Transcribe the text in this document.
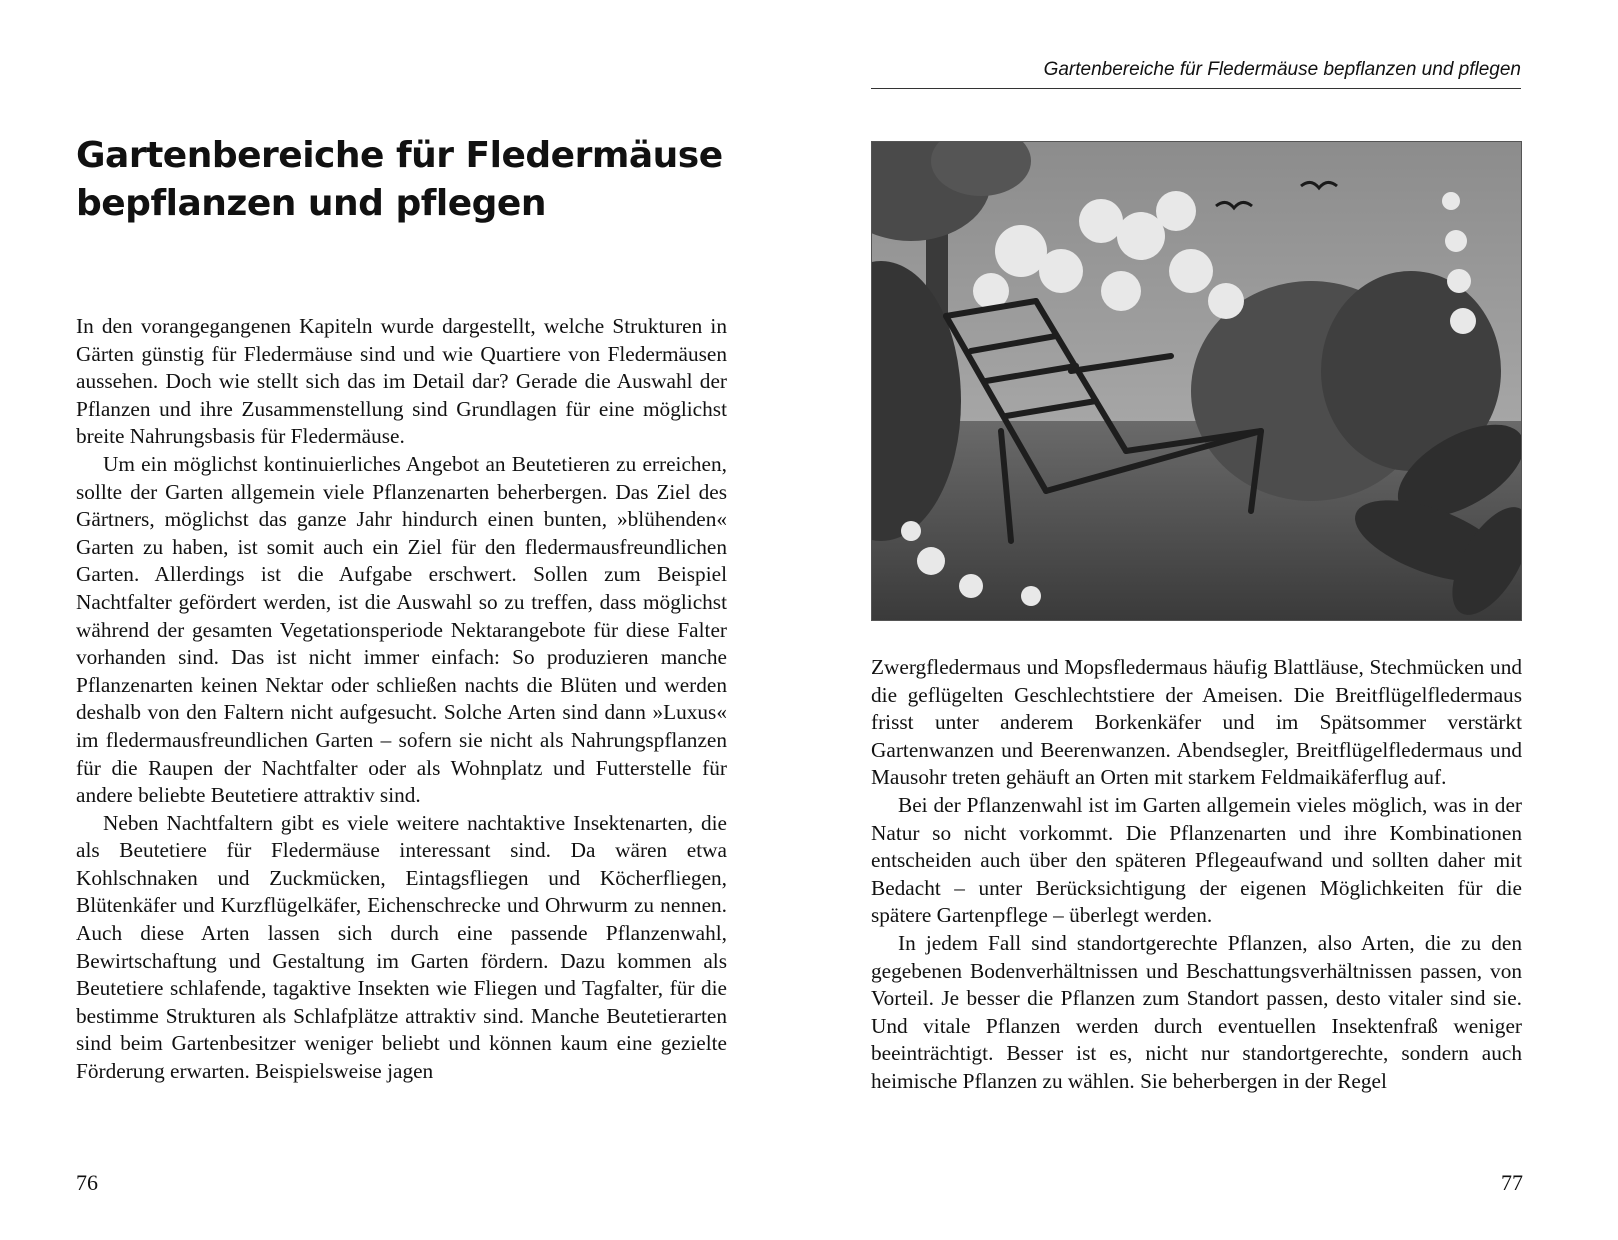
Gartenbereiche für Fledermäuse
bepflanzen und pflegen

In den vorangegangenen Kapiteln wurde dargestellt, welche Strukturen in Gärten günstig für Fledermäuse sind und wie Quartiere von Fledermäusen aussehen. Doch wie stellt sich das im Detail dar? Gerade die Auswahl der Pflanzen und ihre Zusammenstellung sind Grundlagen für eine möglichst breite Nahrungsbasis für Fledermäuse.

Um ein möglichst kontinuierliches Angebot an Beutetieren zu erreichen, sollte der Garten allgemein viele Pflanzenarten beherbergen. Das Ziel des Gärtners, möglichst das ganze Jahr hindurch einen bunten, »blühenden« Garten zu haben, ist somit auch ein Ziel für den fledermausfreundlichen Garten. Allerdings ist die Aufgabe erschwert. Sollen zum Beispiel Nachtfalter gefördert werden, ist die Auswahl so zu treffen, dass möglichst während der gesamten Vegetationsperiode Nektarangebote für diese Falter vorhanden sind. Das ist nicht immer einfach: So produzieren manche Pflanzenarten keinen Nektar oder schließen nachts die Blüten und werden deshalb von den Faltern nicht aufgesucht. Solche Arten sind dann »Luxus« im fledermausfreundlichen Garten – sofern sie nicht als Nahrungspflanzen für die Raupen der Nachtfalter oder als Wohnplatz und Futterstelle für andere beliebte Beutetiere attraktiv sind.

Neben Nachtfaltern gibt es viele weitere nachtaktive Insektenarten, die als Beutetiere für Fledermäuse interessant sind. Da wären etwa Kohlschnaken und Zuckmücken, Eintagsfliegen und Köcherfliegen, Blütenkäfer und Kurzflügelkäfer, Eichenschrecke und Ohrwurm zu nennen. Auch diese Arten lassen sich durch eine passende Pflanzenwahl, Bewirtschaftung und Gestaltung im Garten fördern. Dazu kommen als Beutetiere schlafende, tagaktive Insekten wie Fliegen und Tagfalter, für die bestimme Strukturen als Schlafplätze attraktiv sind. Manche Beutetierarten sind beim Gartenbesitzer weniger beliebt und können kaum eine gezielte Förderung erwarten. Beispielsweise jagen

76
Gartenbereiche für Fledermäuse bepflanzen und pflegen

Zwergfledermaus und Mopsfledermaus häufig Blattläuse, Stechmücken und die geflügelten Geschlechtstiere der Ameisen. Die Breitflügelfledermaus frisst unter anderem Borkenkäfer und im Spätsommer verstärkt Gartenwanzen und Beerenwanzen. Abendsegler, Breitflügelfledermaus und Mausohr treten gehäuft an Orten mit starkem Feldmaikäferflug auf.

Bei der Pflanzenwahl ist im Garten allgemein vieles möglich, was in der Natur so nicht vorkommt. Die Pflanzenarten und ihre Kombinationen entscheiden auch über den späteren Pflegeaufwand und sollten daher mit Bedacht – unter Berücksichtigung der eigenen Möglichkeiten für die spätere Gartenpflege – überlegt werden.

In jedem Fall sind standortgerechte Pflanzen, also Arten, die zu den gegebenen Bodenverhältnissen und Beschattungsverhältnissen passen, von Vorteil. Je besser die Pflanzen zum Standort passen, desto vitaler sind sie. Und vitale Pflanzen werden durch eventuellen Insektenfraß weniger beeinträchtigt. Besser ist es, nicht nur standortgerechte, sondern auch heimische Pflanzen zu wählen. Sie beherbergen in der Regel

77
